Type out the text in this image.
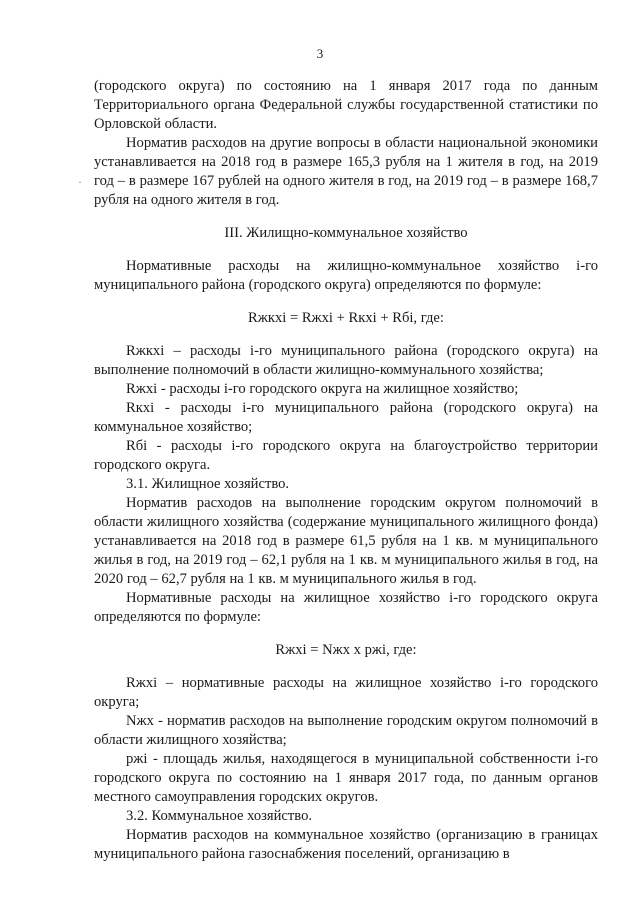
3
·

(городского округа) по состоянию на 1 января 2017 года по данным Территориального органа Федеральной службы государственной статистики по Орловской области.

Норматив расходов на другие вопросы в области национальной экономики устанавливается на 2018 год в размере 165,3 рубля на 1 жителя в год, на 2019 год – в размере 167 рублей на одного жителя в год, на 2019 год – в размере 168,7 рубля на одного жителя в год.

III. Жилищно-коммунальное хозяйство

Нормативные расходы на жилищно-коммунальное хозяйство i-го муниципального района (городского округа) определяются по формуле:

Rжкхi = Rжхi + Rкхi + Rбi, где:

Rжкхi – расходы i-го муниципального района (городского округа) на выполнение полномочий в области жилищно-коммунального хозяйства;

Rжхi - расходы i-го городского округа на жилищное хозяйство;

Rкхi - расходы i-го муниципального района (городского округа) на коммунальное хозяйство;

Rбi - расходы i-го городского округа на благоустройство территории городского округа.

3.1. Жилищное хозяйство.

Норматив расходов на выполнение городским округом полномочий в области жилищного хозяйства (содержание муниципального жилищного фонда) устанавливается на 2018 год в размере 61,5 рубля на 1 кв. м муниципального жилья в год, на 2019 год – 62,1 рубля на 1 кв. м муниципального жилья в год, на 2020 год – 62,7 рубля на 1 кв. м муниципального жилья в год.

Нормативные расходы на жилищное хозяйство i-го городского округа определяются по формуле:

Rжхi = Nжх x pжi, где:

Rжхi – нормативные расходы на жилищное хозяйство i-го городского округа;

Nжх - норматив расходов на выполнение городским округом полномочий в области жилищного хозяйства;

pжi - площадь жилья, находящегося в муниципальной собственности i-го городского округа по состоянию на 1 января 2017 года, по данным органов местного самоуправления городских округов.

3.2. Коммунальное хозяйство.

Норматив расходов на коммунальное хозяйство (организацию в границах муниципального района газоснабжения поселений, организацию в
